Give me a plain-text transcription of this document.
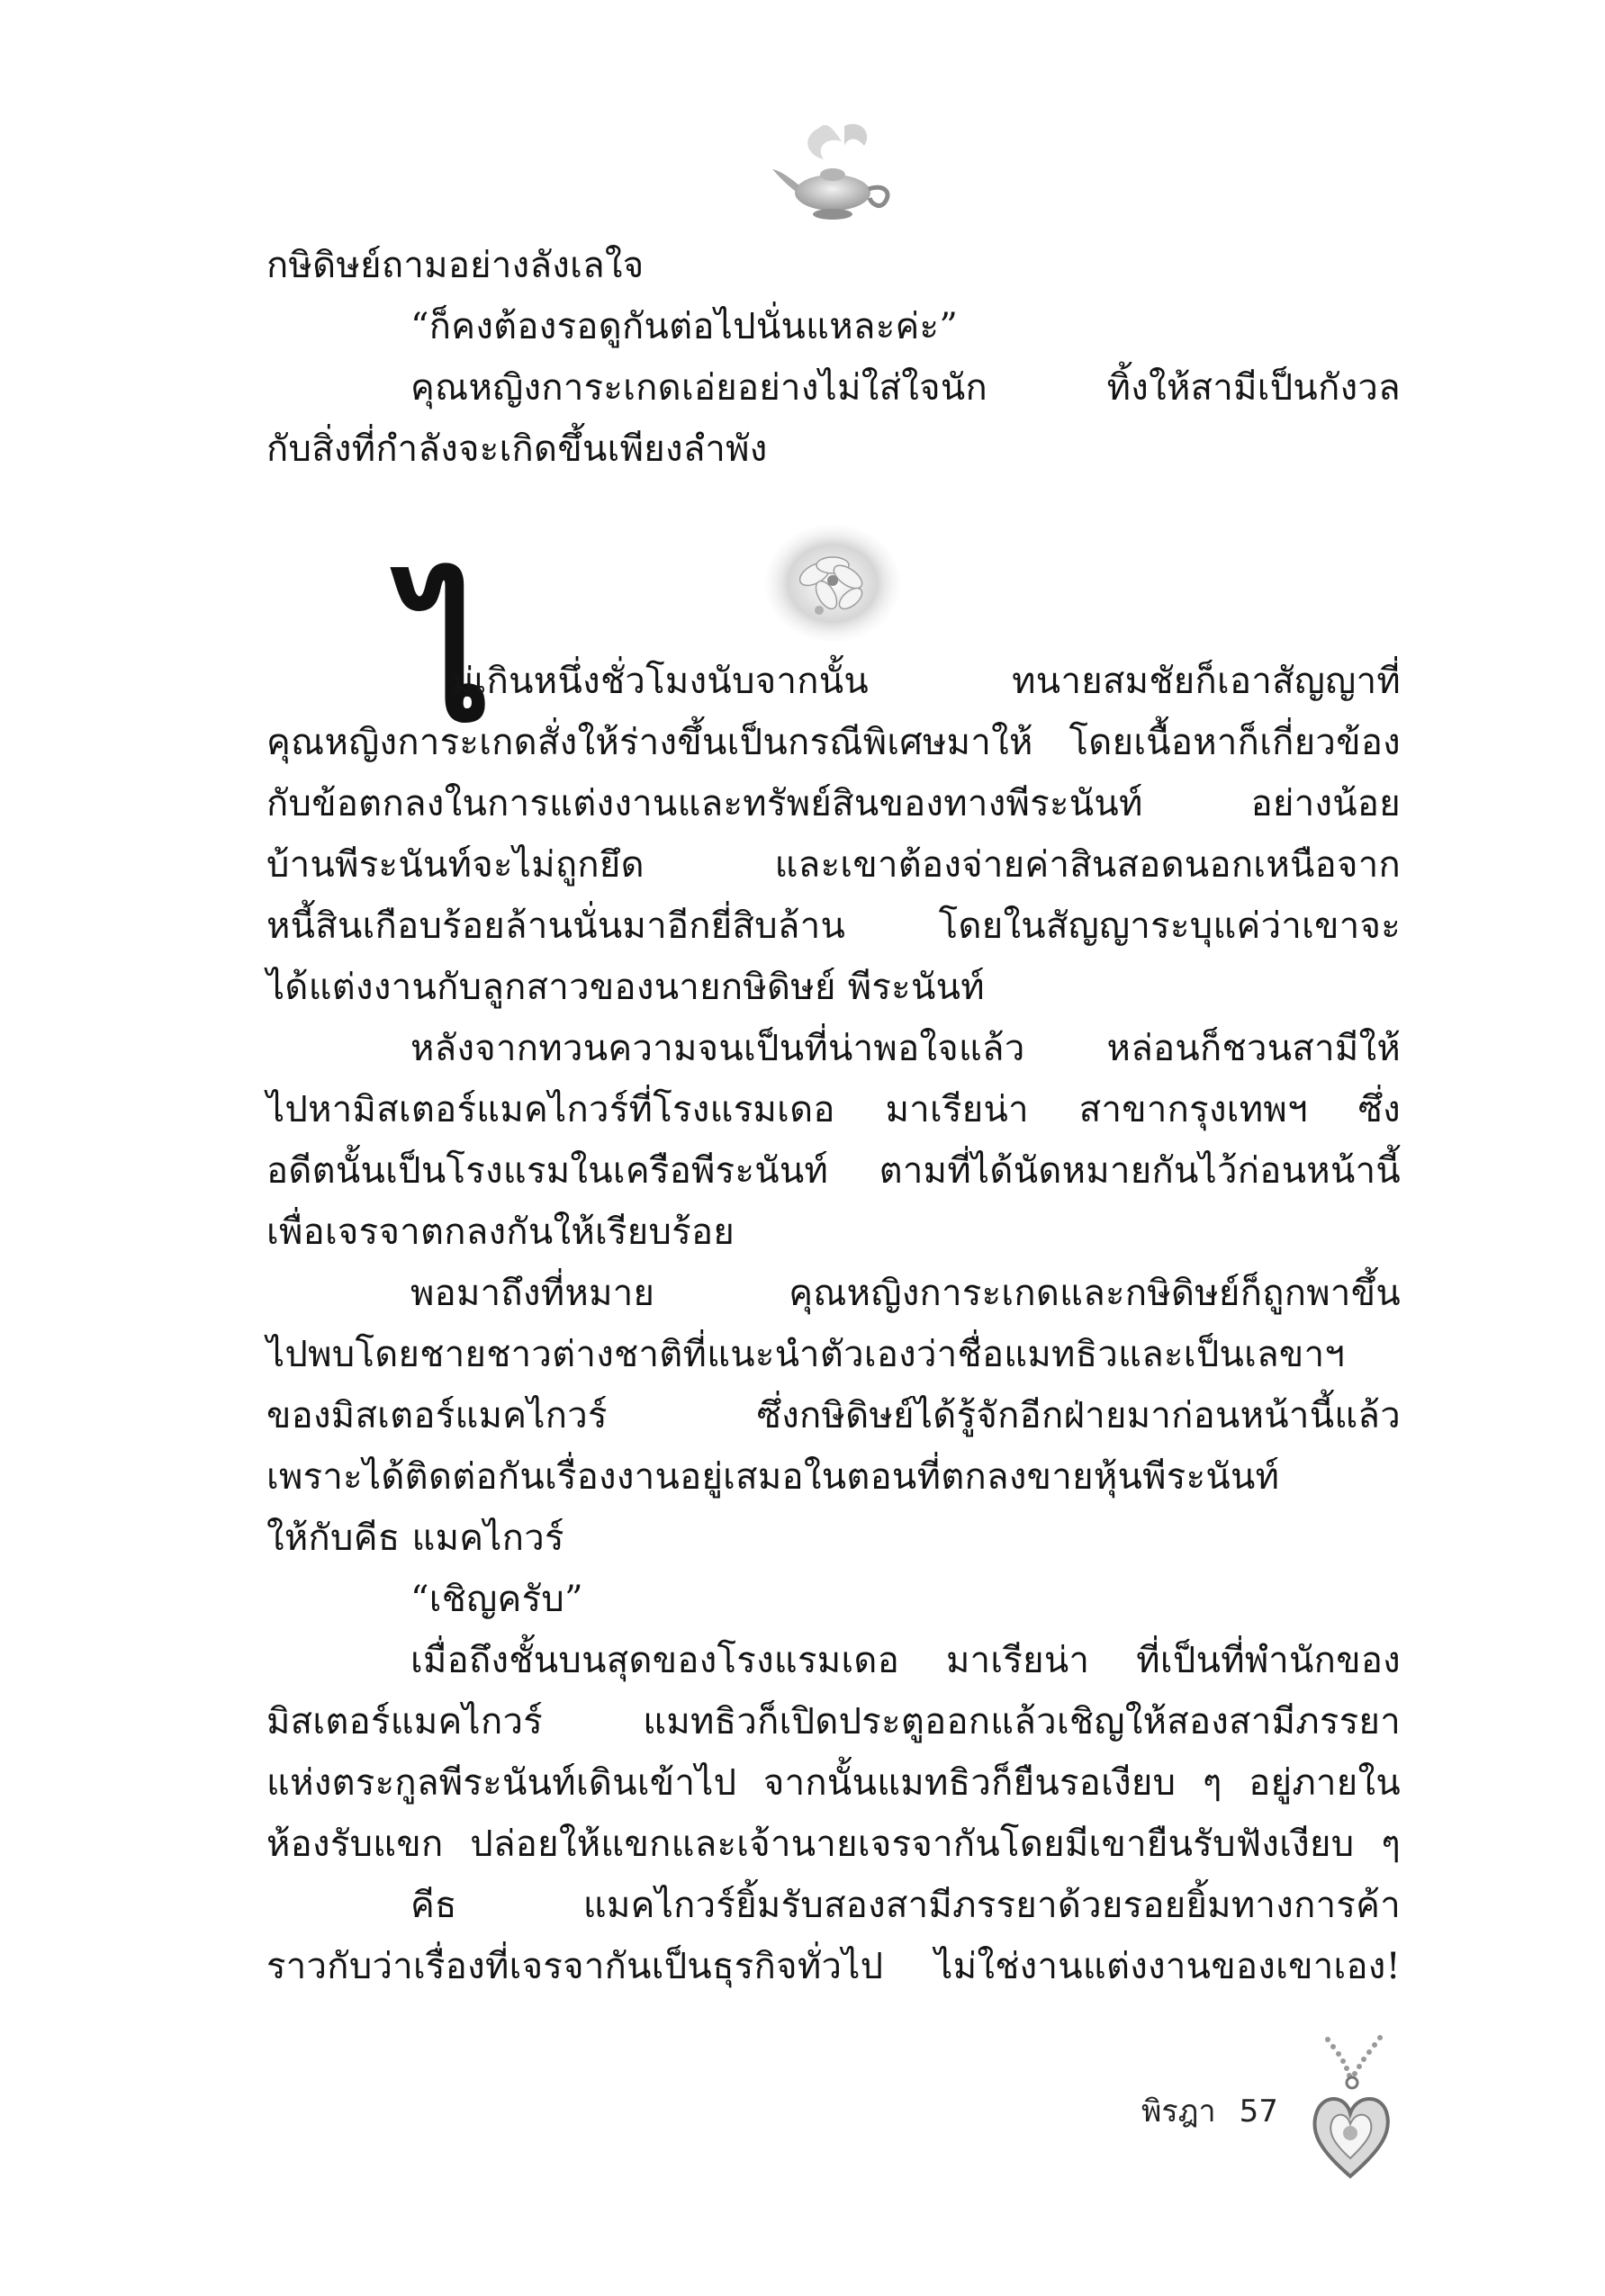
กษิดิษย์ถามอย่างลังเลใจ
“ก็คงต้องรอดูกันต่อไปนั่นแหละค่ะ”
คุณหญิงการะเกดเอ่ยอย่างไม่ใส่ใจนัก ทิ้งให้สามีเป็นกังวล
กับสิ่งที่กำลังจะเกิดขึ้นเพียงลำพัง
ไ
ม่เกินหนึ่งชั่วโมงนับจากนั้น ทนายสมชัยก็เอาสัญญาที่
คุณหญิงการะเกดสั่งให้ร่างขึ้นเป็นกรณีพิเศษมาให้ โดยเนื้อหาก็เกี่ยวข้อง
กับข้อตกลงในการแต่งงานและทรัพย์สินของทางพีระนันท์ อย่างน้อย
บ้านพีระนันท์จะไม่ถูกยึด และเขาต้องจ่ายค่าสินสอดนอกเหนือจาก
หนี้สินเกือบร้อยล้านนั่นมาอีกยี่สิบล้าน โดยในสัญญาระบุแค่ว่าเขาจะ
ได้แต่งงานกับลูกสาวของนายกษิดิษย์ พีระนันท์
หลังจากทวนความจนเป็นที่น่าพอใจแล้ว หล่อนก็ชวนสามีให้
ไปหามิสเตอร์แมคไกวร์ที่โรงแรมเดอ มาเรียน่า สาขากรุงเทพฯ ซึ่ง
อดีตนั้นเป็นโรงแรมในเครือพีระนันท์ ตามที่ได้นัดหมายกันไว้ก่อนหน้านี้
เพื่อเจรจาตกลงกันให้เรียบร้อย
พอมาถึงที่หมาย คุณหญิงการะเกดและกษิดิษย์ก็ถูกพาขึ้น
ไปพบโดยชายชาวต่างชาติที่แนะนำตัวเองว่าชื่อแมทธิวและเป็นเลขาฯ
ของมิสเตอร์แมคไกวร์ ซึ่งกษิดิษย์ได้รู้จักอีกฝ่ายมาก่อนหน้านี้แล้ว
เพราะได้ติดต่อกันเรื่องงานอยู่เสมอในตอนที่ตกลงขายหุ้นพีระนันท์
ให้กับคีธ แมคไกวร์
“เชิญครับ”
เมื่อถึงชั้นบนสุดของโรงแรมเดอ มาเรียน่า ที่เป็นที่พำนักของ
มิสเตอร์แมคไกวร์ แมทธิวก็เปิดประตูออกแล้วเชิญให้สองสามีภรรยา
แห่งตระกูลพีระนันท์เดินเข้าไป จากนั้นแมทธิวก็ยืนรอเงียบ ๆ อยู่ภายใน
ห้องรับแขก ปล่อยให้แขกและเจ้านายเจรจากันโดยมีเขายืนรับฟังเงียบ ๆ
คีธ แมคไกวร์ยิ้มรับสองสามีภรรยาด้วยรอยยิ้มทางการค้า
ราวกับว่าเรื่องที่เจรจากันเป็นธุรกิจทั่วไป ไม่ใช่งานแต่งงานของเขาเอง!
พิรฎา 57
